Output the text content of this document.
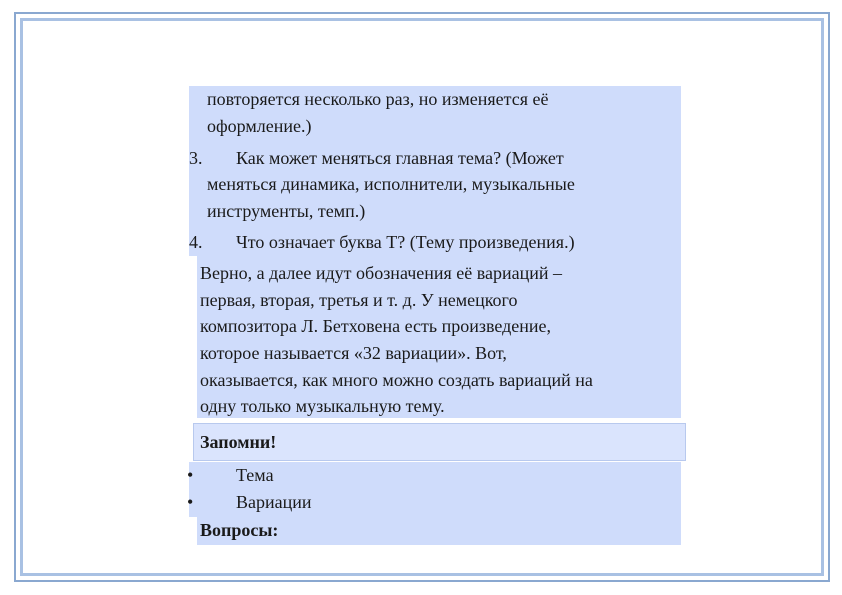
повторяется несколько раз, но изменяется её
оформление.)
3. Как может меняться главная тема? (Может
меняться динамика, исполнители, музыкальные
инструменты, темп.)
4. Что означает буква Т? (Тему произведения.)
Верно, а далее идут обозначения её вариаций –
первая, вторая, третья и т. д. У немецкого
композитора Л. Бетховена есть произведение,
которое называется «32 вариации». Вот,
оказывается, как много можно создать вариаций на
одну только музыкальную тему.
Запомни!
• Тема
• Вариации
Вопросы:
